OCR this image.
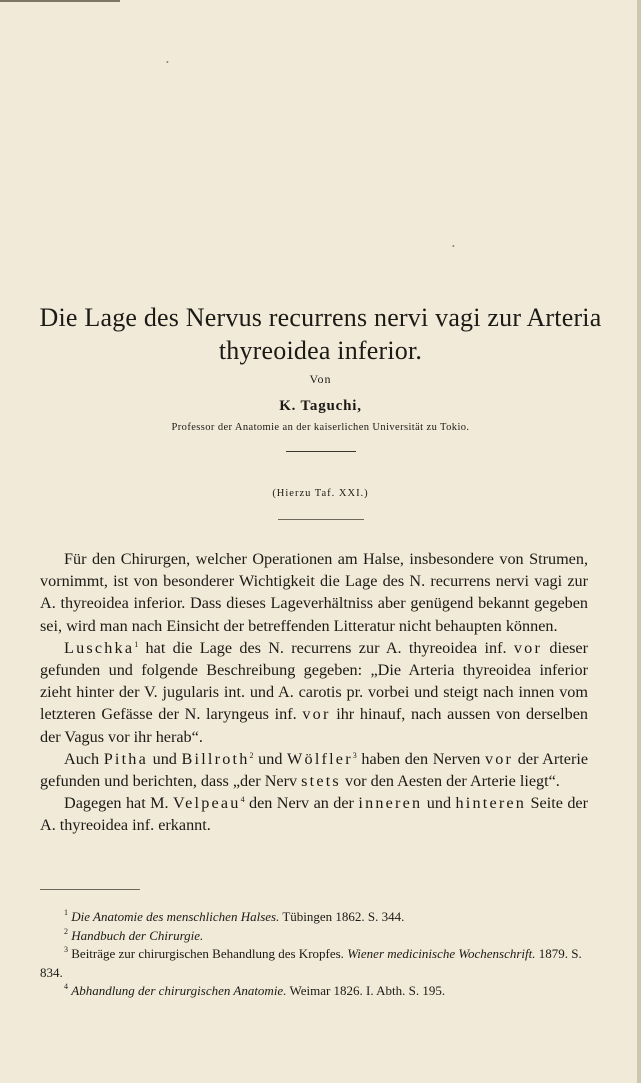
•
•
Die Lage des Nervus recurrens nervi vagi zur Arteria
thyreoidea inferior.
Von
K. Taguchi,
Professor der Anatomie an der kaiserlichen Universität zu Tokio.
(Hierzu Taf. XXI.)

Für den Chirurgen, welcher Operationen am Halse, insbesondere von Strumen, vornimmt, ist von besonderer Wichtigkeit die Lage des N. recurrens nervi vagi zur A. thyreoidea inferior. Dass dieses Lageverhältniss aber genügend bekannt gegeben sei, wird man nach Einsicht der betreffenden Litteratur nicht behaupten können.

Luschka$^1$ hat die Lage des N. recurrens zur A. thyreoidea inf. vor dieser gefunden und folgende Beschreibung gegeben: „Die Arteria thyreoidea inferior zieht hinter der V. jugularis int. und A. carotis pr. vorbei und steigt nach innen vom letzteren Gefässe der N. laryngeus inf. vor ihr hinauf, nach aussen von derselben der Vagus vor ihr herab“.

Auch Pitha und Billroth$^2$ und Wölfler$^3$ haben den Nerven vor der Arterie gefunden und berichten, dass „der Nerv stets vor den Aesten der Arterie liegt“.

Dagegen hat M. Velpeau$^4$ den Nerv an der inneren und hinteren Seite der A. thyreoidea inf. erkannt.

$^1$ Die Anatomie des menschlichen Halses. Tübingen 1862. S. 344.

$^2$ Handbuch der Chirurgie.

$^3$ Beiträge zur chirurgischen Behandlung des Kropfes. Wiener medicinische Wochenschrift. 1879. S. 834.

$^4$ Abhandlung der chirurgischen Anatomie. Weimar 1826. I. Abth. S. 195.
